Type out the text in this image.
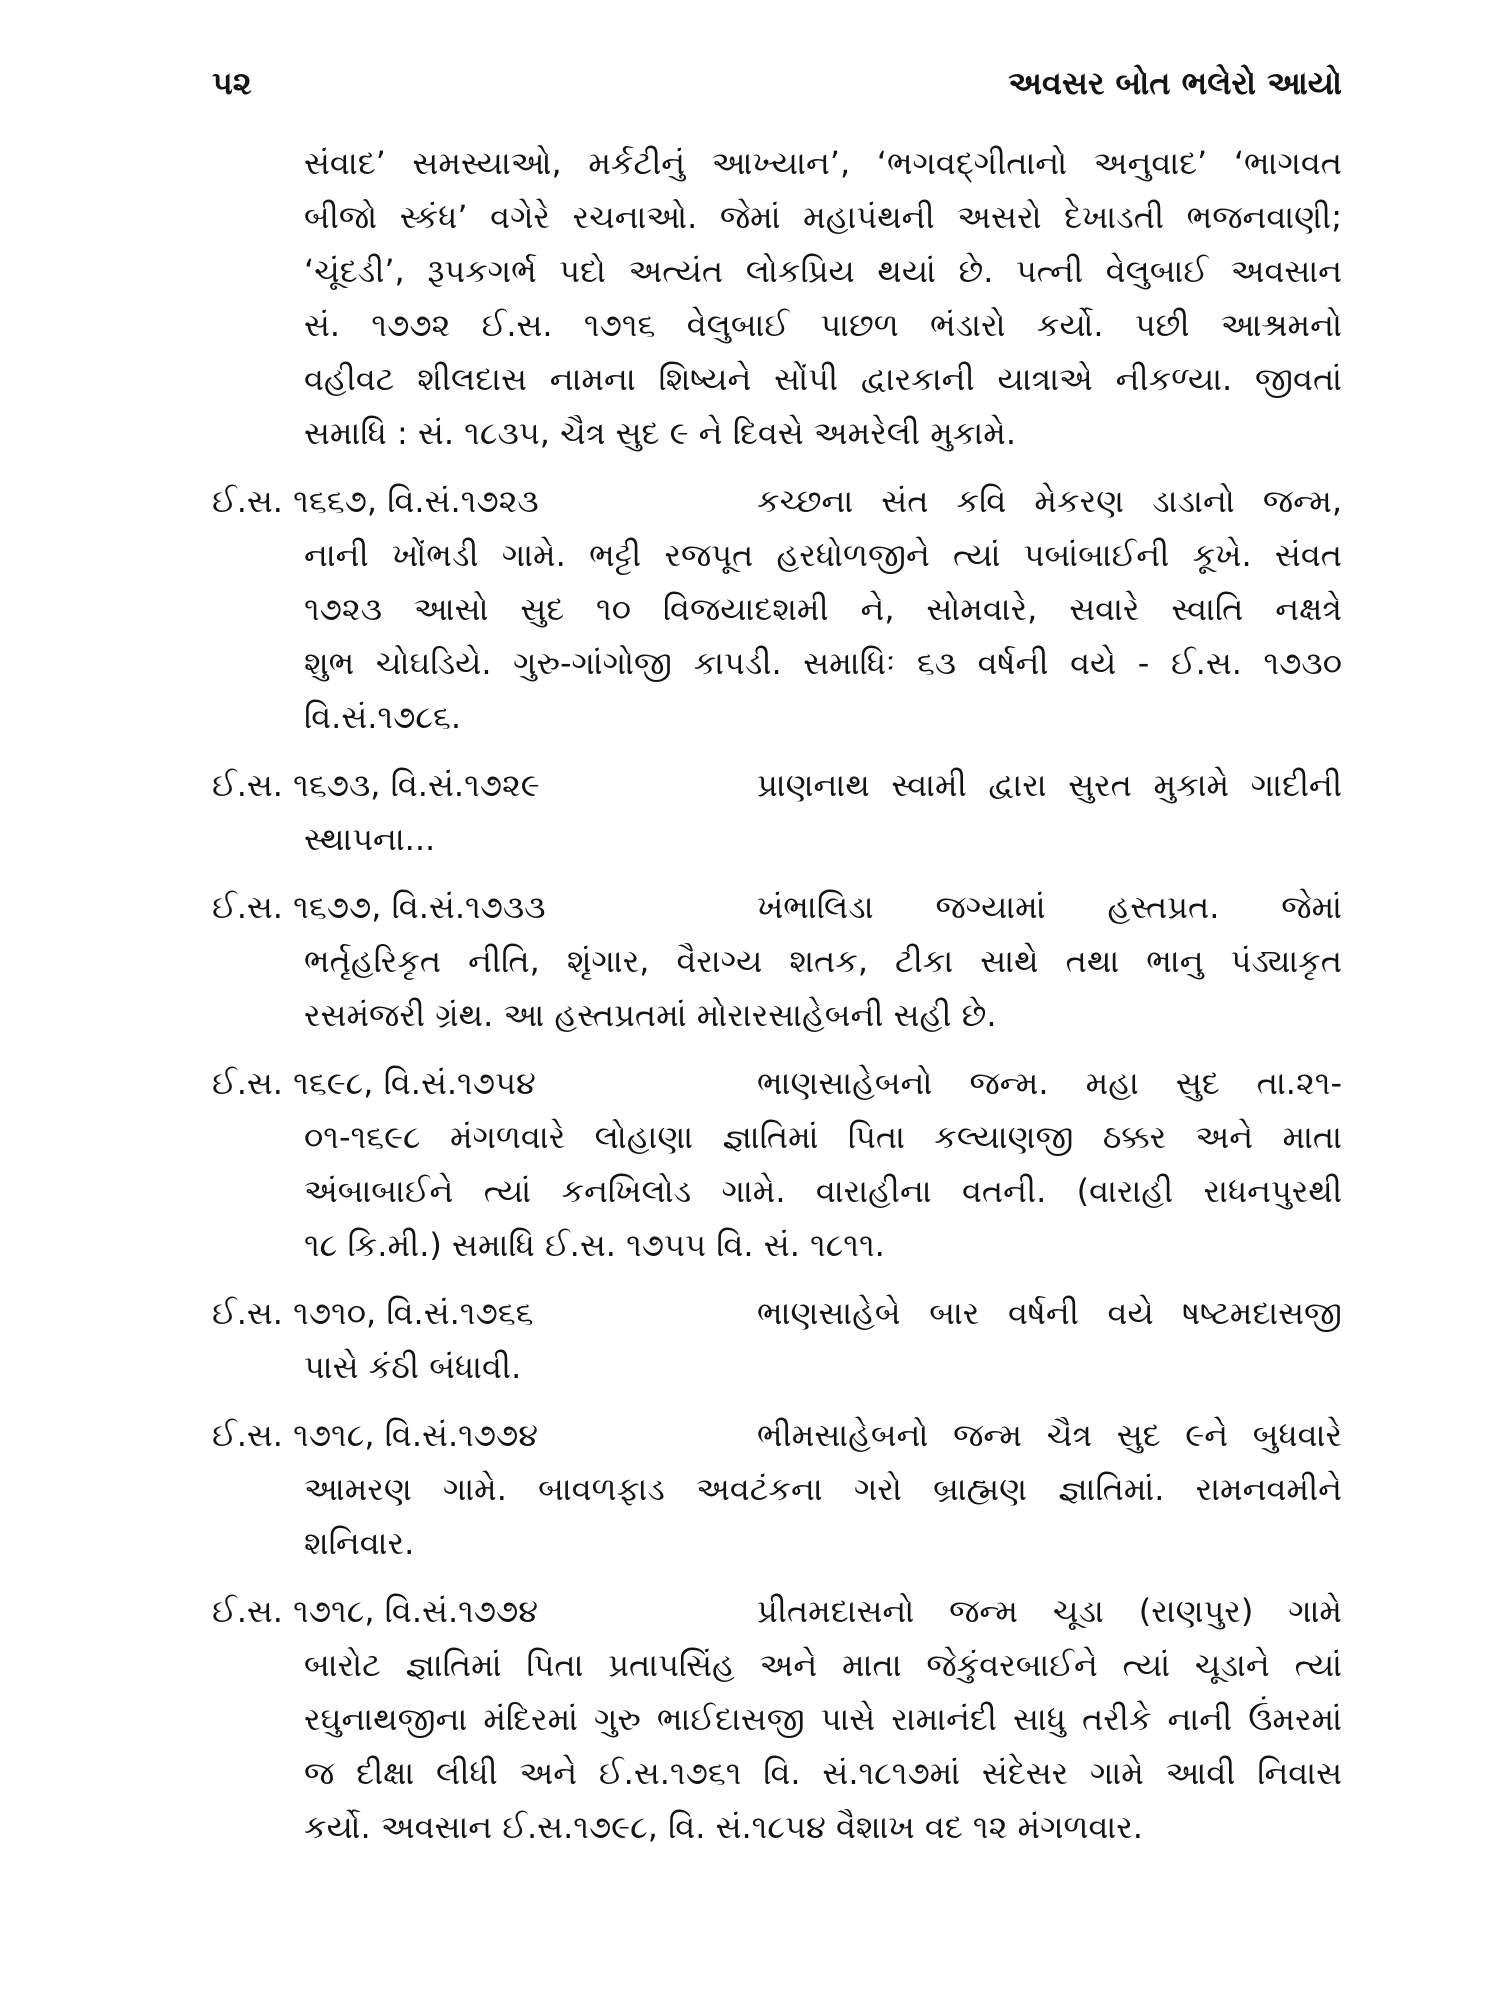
પ૨	અવસર બોત ભલેરો આયો

સંવાદ’ સમસ્યાઓ, મર્કટીનું આખ્યાન’, ‘ભગવદ્ગીતાનો અનુવાદ’ ‘ભાગવત

બીજો સ્કંધ’ વગેરે રચનાઓ. જેમાં મહાપંથની અસરો દેખાડતી ભજનવાણી;

‘ચૂંદડી’, રૂપકગર્ભ પદો અત્યંત લોકપ્રિય થયાં છે. પત્ની વેલુબાઈ અવસાન

સં. ૧૭૭૨ ઈ.સ. ૧૭૧૬ વેલુબાઈ પાછળ ભંડારો કર્યો. પછી આશ્રમનો

વહીવટ શીલદાસ નામના શિષ્યને સોંપી દ્વારકાની યાત્રાએ નીકળ્યા. જીવતાં

સમાધિ : સં. ૧૮૩૫, ચૈત્ર સુદ ૯ ને દિવસે અમરેલી મુકામે.

ઈ.સ. ૧૬૬૭, વિ.સં.૧૭૨૩	કચ્છના સંત કવિ મેકરણ ડાડાનો જન્મ,
નાની ખોંભડી ગામે. ભટ્ટી રજપૂત હરધોળજીને ત્યાં પબાંબાઈની કૂખે. સંવત
૧૭૨૩ આસો સુદ ૧૦ વિજયાદશમી ને, સોમવારે, સવારે સ્વાતિ નક્ષત્રે
શુભ ચોઘડિયે. ગુરુ-ગાંગોજી કાપડી. સમાધિઃ ૬૩ વર્ષની વયે - ઈ.સ. ૧૭૩૦
વિ.સં.૧૭૮૬.
ઈ.સ. ૧૬૭૩, વિ.સં.૧૭૨૯	પ્રાણનાથ સ્વામી દ્વારા સુરત મુકામે ગાદીની
સ્થાપના...
ઈ.સ. ૧૬૭૭, વિ.સં.૧૭૩૩	ખંભાલિડા જગ્યામાં હસ્તપ્રત. જેમાં
ભર્તૃહરિકૃત નીતિ, શૃંગાર, વૈરાગ્ય શતક, ટીકા સાથે તથા ભાનુ પંડ્યાકૃત
રસમંજરી ગ્રંથ. આ હસ્તપ્રતમાં મોરારસાહેબની સહી છે.
ઈ.સ. ૧૬૯૮, વિ.સં.૧૭૫૪	ભાણસાહેબનો જન્મ. મહા સુદ તા.૨૧-
૦૧-૧૬૯૮ મંગળવારે લોહાણા જ્ઞાતિમાં પિતા કલ્યાણજી ઠક્કર અને માતા
અંબાબાઈને ત્યાં કનખિલોડ ગામે. વારાહીના વતની. (વારાહી રાધનપુરથી
૧૮ કિ.મી.) સમાધિ ઈ.સ. ૧૭૫૫ વિ. સં. ૧૮૧૧.
ઈ.સ. ૧૭૧૦, વિ.સં.૧૭૬૬	ભાણસાહેબે બાર વર્ષની વયે ષષ્ટમદાસજી
પાસે કંઠી બંધાવી.
ઈ.સ. ૧૭૧૮, વિ.સં.૧૭૭૪	ભીમસાહેબનો જન્મ ચૈત્ર સુદ ૯ને બુધવારે
આમરણ ગામે. બાવળફાડ અવટંકના ગરો બ્રાહ્મણ જ્ઞાતિમાં. રામનવમીને
શનિવાર.
ઈ.સ. ૧૭૧૮, વિ.સં.૧૭૭૪	પ્રીતમદાસનો જન્મ ચૂડા (રાણપુર) ગામે
બારોટ જ્ઞાતિમાં પિતા પ્રતાપસિંહ અને માતા જેકુંવરબાઈને ત્યાં ચૂડાને ત્યાં
રઘુનાથજીના મંદિરમાં ગુરુ ભાઈદાસજી પાસે રામાનંદી સાધુ તરીકે નાની ઉંમરમાં
જ દીક્ષા લીધી અને ઈ.સ.૧૭૬૧ વિ. સં.૧૮૧૭માં સંદેસર ગામે આવી નિવાસ
કર્યો. અવસાન ઈ.સ.૧૭૯૮, વિ. સં.૧૮૫૪ વૈશાખ વદ ૧૨ મંગળવાર.
